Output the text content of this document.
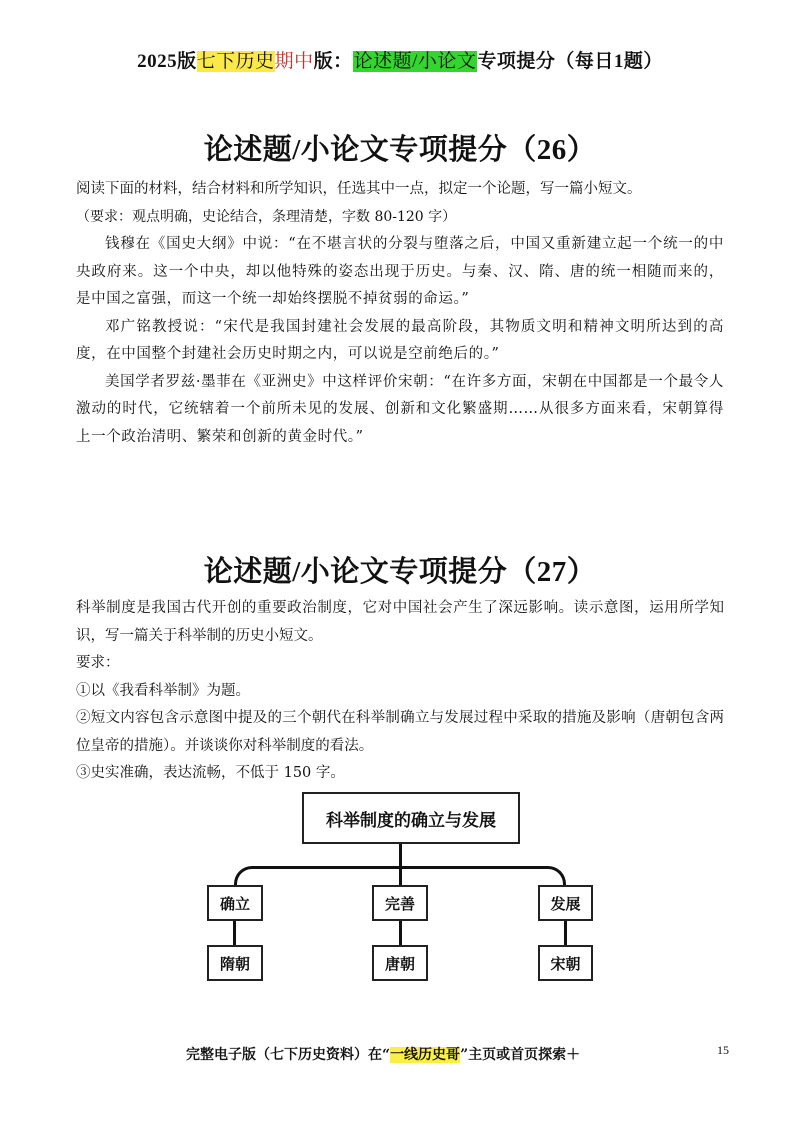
2025版七下历史期中版：论述题/小论文专项提分（每日1题）
论述题/小论文专项提分（26）

阅读下面的材料，结合材料和所学知识，任选其中一点，拟定一个论题，写一篇小短文。

（要求：观点明确，史论结合，条理清楚，字数 80-120 字）

钱穆在《国史大纲》中说：“在不堪言状的分裂与堕落之后，中国又重新建立起一个统一的中央政府来。这一个中央，却以他特殊的姿态出现于历史。与秦、汉、隋、唐的统一相随而来的，是中国之富强，而这一个统一却始终摆脱不掉贫弱的命运。”

邓广铭教授说：“宋代是我国封建社会发展的最高阶段，其物质文明和精神文明所达到的高度，在中国整个封建社会历史时期之内，可以说是空前绝后的。”

美国学者罗兹·墨菲在《亚洲史》中这样评价宋朝：“在许多方面，宋朝在中国都是一个最令人激动的时代，它统辖着一个前所未见的发展、创新和文化繁盛期……从很多方面来看，宋朝算得上一个政治清明、繁荣和创新的黄金时代。”

论述题/小论文专项提分（27）

科举制度是我国古代开创的重要政治制度，它对中国社会产生了深远影响。读示意图，运用所学知识，写一篇关于科举制的历史小短文。

要求：

①以《我看科举制》为题。

②短文内容包含示意图中提及的三个朝代在科举制确立与发展过程中采取的措施及影响（唐朝包含两位皇帝的措施）。并谈谈你对科举制度的看法。

③史实准确，表达流畅，不低于 150 字。

科举制度的确立与发展
确立	完善	发展
隋朝	唐朝	宋朝
完整电子版（七下历史资料）在“一线历史哥”主页或首页探索＋	15
